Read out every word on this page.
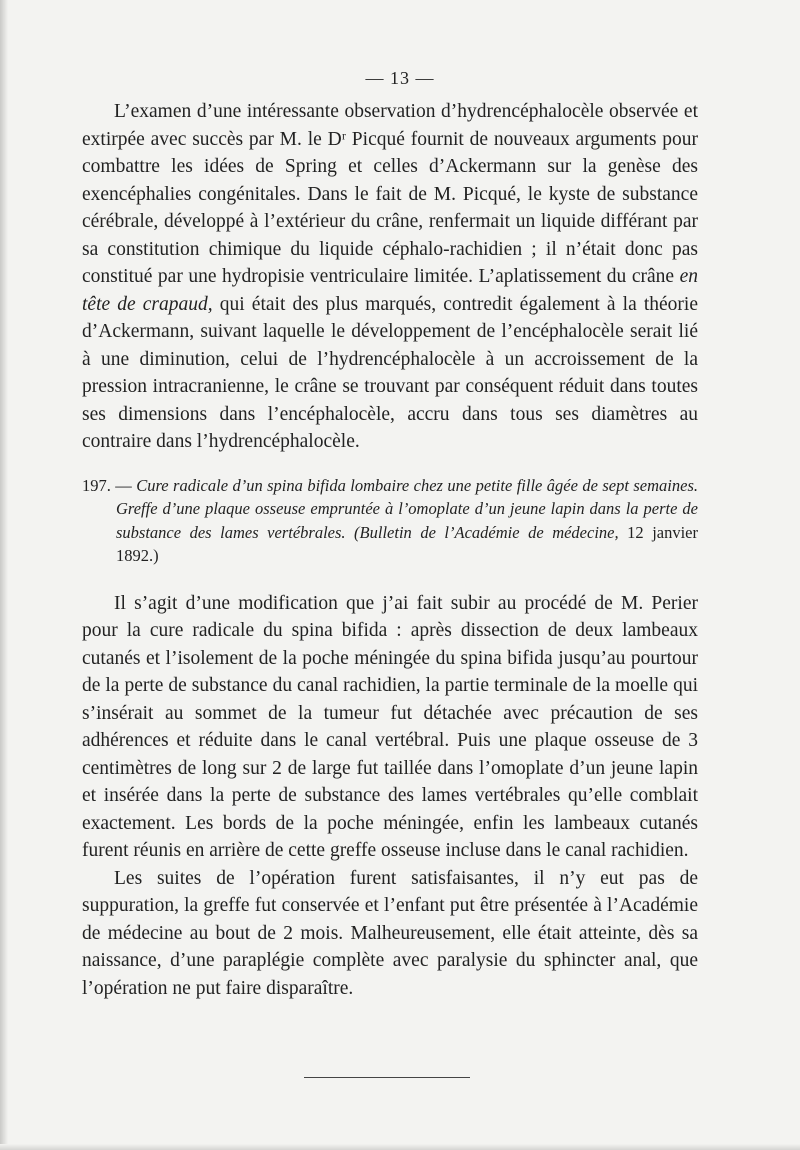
— 13 —

L’examen d’une intéressante observation d’hydrencéphalocèle observée et extirpée avec succès par M. le Dʳ Picqué fournit de nouveaux arguments pour combattre les idées de Spring et celles d’Ackermann sur la genèse des exencéphalies congénitales. Dans le fait de M. Picqué, le kyste de substance cérébrale, développé à l’extérieur du crâne, renfermait un liquide différant par sa constitution chimique du liquide céphalo-rachidien ; il n’était donc pas constitué par une hydropisie ventriculaire limitée. L’aplatissement du crâne en tête de crapaud, qui était des plus marqués, contredit également à la théorie d’Ackermann, suivant laquelle le développement de l’encéphalocèle serait lié à une diminution, celui de l’hydrencéphalocèle à un accroissement de la pression intracranienne, le crâne se trouvant par conséquent réduit dans toutes ses dimensions dans l’encéphalocèle, accru dans tous ses diamètres au contraire dans l’hydrencéphalocèle.

197. — Cure radicale d’un spina bifida lombaire chez une petite fille âgée de sept semaines. Greffe d’une plaque osseuse empruntée à l’omoplate d’un jeune lapin dans la perte de substance des lames vertébrales. (Bulletin de l’Académie de médecine, 12 janvier 1892.)

Il s’agit d’une modification que j’ai fait subir au procédé de M. Perier pour la cure radicale du spina bifida : après dissection de deux lambeaux cutanés et l’isolement de la poche méningée du spina bifida jusqu’au pourtour de la perte de substance du canal rachidien, la partie terminale de la moelle qui s’insérait au sommet de la tumeur fut détachée avec précaution de ses adhérences et réduite dans le canal vertébral. Puis une plaque osseuse de 3 centimètres de long sur 2 de large fut taillée dans l’omoplate d’un jeune lapin et insérée dans la perte de substance des lames vertébrales qu’elle comblait exactement. Les bords de la poche méningée, enfin les lambeaux cutanés furent réunis en arrière de cette greffe osseuse incluse dans le canal rachidien.

Les suites de l’opération furent satisfaisantes, il n’y eut pas de suppuration, la greffe fut conservée et l’enfant put être présentée à l’Académie de médecine au bout de 2 mois. Malheureusement, elle était atteinte, dès sa naissance, d’une paraplégie complète avec paralysie du sphincter anal, que l’opération ne put faire disparaître.
